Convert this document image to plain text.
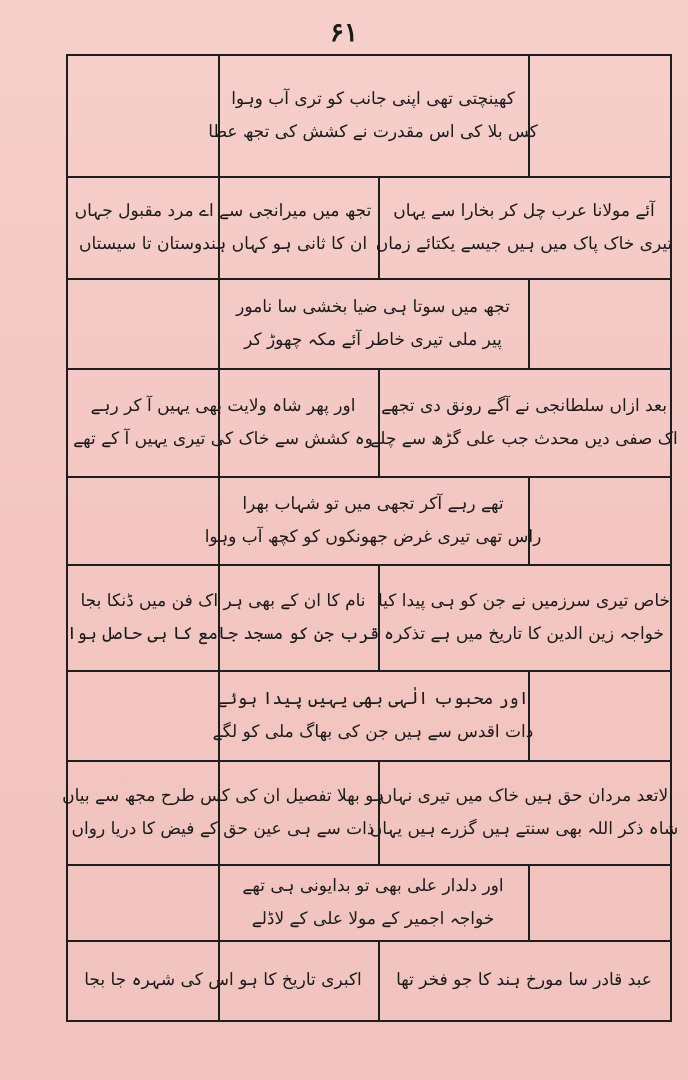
۶۱
کھینچتی تھی اپنی جانب کو تری آب وہوا
کس بلا کی اس مقدرت نے کشش کی تجھ عطا
آئے مولانا عرب چل کر بخارا سے یہاں
تیری خاک پاک میں ہیں جیسے یکتائے زماں
تجھ میں میرانجی سے اے مرد مقبول جہاں
ان کا ثانی ہو کہاں ہندوستان تا سیستاں
تجھ میں سوتا ہی ضیا بخشی سا نامور
پیر ملی تیری خاطر آئے مکہ چھوڑ کر
بعد ازاں سلطانجی نے آگے رونق دی تجھے
اک صفی دیں محدث جب علی گڑھ سے چلے
اور پھر شاہ ولایت بھی یہیں آ کر رہے
وہ کشش سے خاک کی تیری یہیں آ کے تھے
تھے رہے آکر تجھی میں تو شہاب بھرا
راس تھی تیری غرض جھونکوں کو کچھ آب وہوا
خاص تیری سرزمیں نے جن کو ہی پیدا کیا
خواجہ زین الدین کا تاریخ میں ہے تذکرہ
نام کا ان کے بھی ہر اک فن میں ڈنکا بجا
قرب جن کو مسجد جامع کا ہی حاصل ہوا
اور محبوب الٰہی بھی یہیں پیدا ہوئے
ذات اقدس سے ہیں جن کی بھاگ ملی کو لگے
لاتعد مردان حق ہیں خاک میں تیری نہاں
شاہ ذکر اللہ بھی سنتے ہیں گزرے ہیں یہاں
ہو بھلا تفصیل ان کی کس طرح مجھ سے بیاں
ذات سے ہی عین حق کے فیض کا دریا رواں
اور دلدار علی بھی تو بدایونی ہی تھے
خواجہ اجمیر کے مولا علی کے لاڈلے
عبد قادر سا مورخ ہند کا جو فخر تھا
اکبری تاریخ کا ہو اس کی شہرہ جا بجا
